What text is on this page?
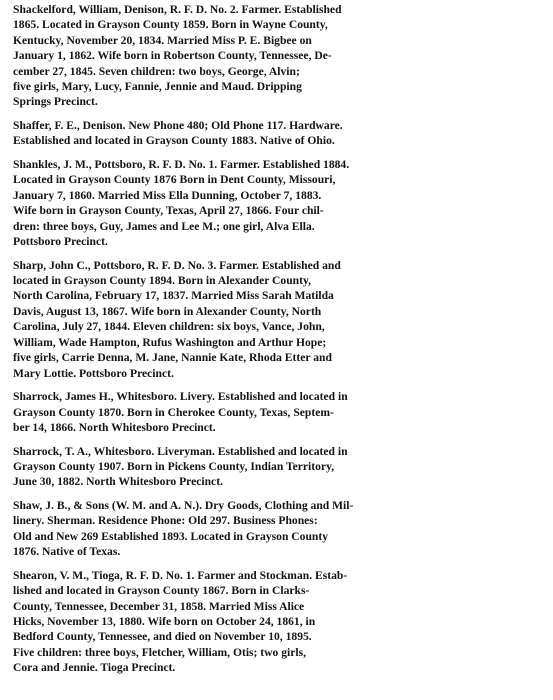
Shackelford, William, Denison, R. F. D. No. 2. Farmer. Established
1865. Located in Grayson County 1859. Born in Wayne County,
Kentucky, November 20, 1834. Married Miss P. E. Bigbee on
January 1, 1862. Wife born in Robertson County, Tennessee, De-
cember 27, 1845. Seven children: two boys, George, Alvin;
five girls, Mary, Lucy, Fannie, Jennie and Maud. Dripping
Springs Precinct.

Shaffer, F. E., Denison. New Phone 480; Old Phone 117. Hardware.
Established and located in Grayson County 1883. Native of Ohio.

Shankles, J. M., Pottsboro, R. F. D. No. 1. Farmer. Established 1884.
Located in Grayson County 1876 Born in Dent County, Missouri,
January 7, 1860. Married Miss Ella Dunning, October 7, 1883.
Wife born in Grayson County, Texas, April 27, 1866. Four chil-
dren: three boys, Guy, James and Lee M.; one girl, Alva Ella.
Pottsboro Precinct.

Sharp, John C., Pottsboro, R. F. D. No. 3. Farmer. Established and
located in Grayson County 1894. Born in Alexander County,
North Carolina, February 17, 1837. Married Miss Sarah Matilda
Davis, August 13, 1867. Wife born in Alexander County, North
Carolina, July 27, 1844. Eleven children: six boys, Vance, John,
William, Wade Hampton, Rufus Washington and Arthur Hope;
five girls, Carrie Denna, M. Jane, Nannie Kate, Rhoda Etter and
Mary Lottie. Pottsboro Precinct.

Sharrock, James H., Whitesboro. Livery. Established and located in
Grayson County 1870. Born in Cherokee County, Texas, Septem-
ber 14, 1866. North Whitesboro Precinct.

Sharrock, T. A., Whitesboro. Liveryman. Established and located in
Grayson County 1907. Born in Pickens County, Indian Territory,
June 30, 1882. North Whitesboro Precinct.

Shaw, J. B., & Sons (W. M. and A. N.). Dry Goods, Clothing and Mil-
linery. Sherman. Residence Phone: Old 297. Business Phones:
Old and New 269 Established 1893. Located in Grayson County
1876. Native of Texas.

Shearon, V. M., Tioga, R. F. D. No. 1. Farmer and Stockman. Estab-
lished and located in Grayson County 1867. Born in Clarks-
County, Tennessee, December 31, 1858. Married Miss Alice
Hicks, November 13, 1880. Wife born on October 24, 1861, in
Bedford County, Tennessee, and died on November 10, 1895.
Five children: three boys, Fletcher, William, Otis; two girls,
Cora and Jennie. Tioga Precinct.
